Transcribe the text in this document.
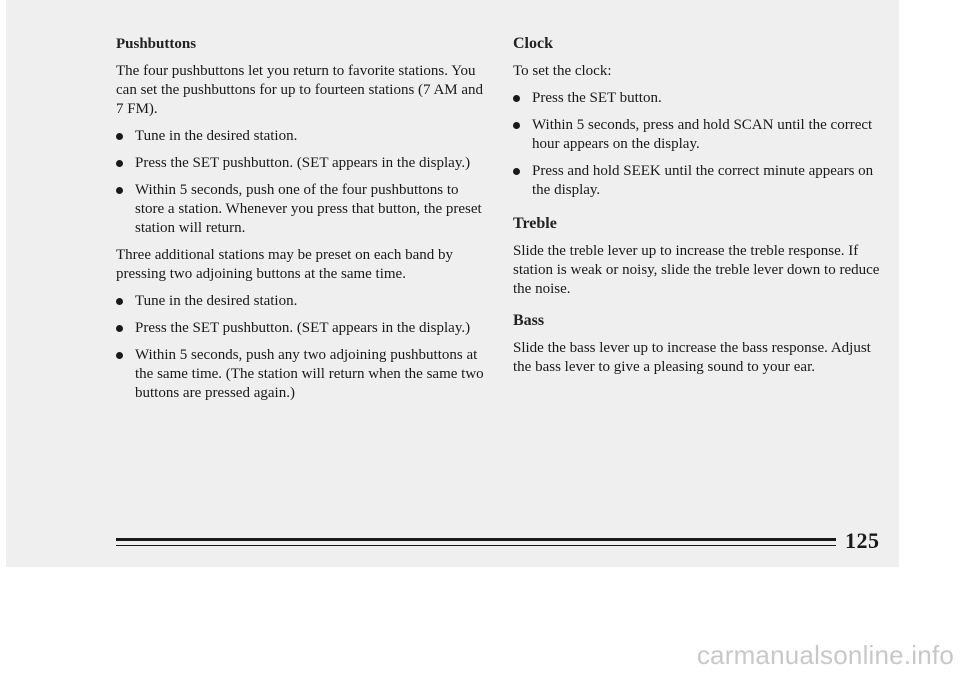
Pushbuttons

The four pushbuttons let you return to favorite stations. You can set the pushbuttons for up to fourteen stations (7 AM and 7 FM).

Tune in the desired station.
Press the SET pushbutton. (SET appears in the display.)
Within 5 seconds, push one of the four pushbuttons to store a station. Whenever you press that button, the preset station will return.

Three additional stations may be preset on each band by pressing two adjoining buttons at the same time.

Tune in the desired station.
Press the SET pushbutton. (SET appears in the display.)
Within 5 seconds, push any two adjoining pushbuttons at the same time. (The station will return when the same two buttons are pressed again.)
Clock

To set the clock:

Press the SET button.
Within 5 seconds, press and hold SCAN until the correct hour appears on the display.
Press and hold SEEK until the correct minute appears on the display.
Treble

Slide the treble lever up to increase the treble response. If station is weak or noisy, slide the treble lever down to reduce the noise.

Bass

Slide the bass lever up to increase the bass response. Adjust the bass lever to give a pleasing sound to your ear.

125
carmanualsonline.info
